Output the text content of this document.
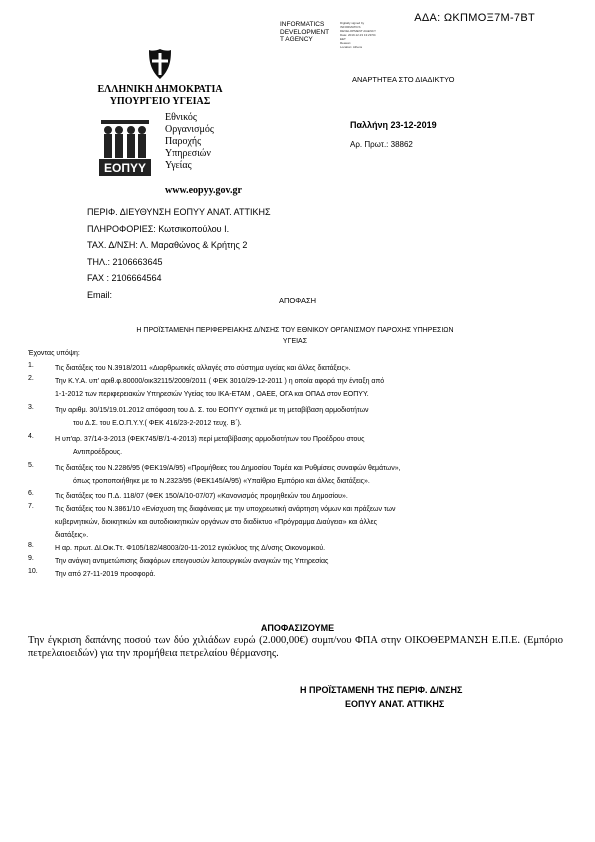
ΑΔΑ: ΩΚΠΜΟΞ7Μ-7ΒΤ
INFORMATICS
DEVELOPMENT
T AGENCY
Digitally signed by
INFORMATICS
DEVELOPMENT AGENCY
Date: 2019.12.23 13:29:54
EET
Reason:
Location: Athens
ΕΛΛΗΝΙΚΗ ΔΗΜΟΚΡΑΤΙΑ
ΥΠΟΥΡΓΕΙΟ ΥΓΕΙΑΣ
ΕΟΠΥΥ
Εθνικός
Οργανισμός
Παροχής
Υπηρεσιών
Υγείας
www.eopyy.gov.gr
ΑΝΑΡΤΗΤΕΑ ΣΤΟ ΔΙΑΔΙΚΤΥΟ
Παλλήνη 23-12-2019
Αρ. Πρωτ.: 38862
ΠΕΡΙΦ. ΔΙΕΥΘΥΝΣΗ ΕΟΠΥΥ ΑΝΑΤ. ΑΤΤΙΚΗΣ
ΠΛΗΡΟΦΟΡΙΕΣ: Κωτσικοπούλου Ι.
ΤΑΧ. Δ/ΝΣΗ: Λ. Μαραθώνος & Κρήτης 2
ΤΗΛ.: 2106663645
FAX : 2106664564
Email:
ΑΠΟΦΑΣΗ
Η ΠΡΟΪΣΤΑΜΕΝΗ ΠΕΡΙΦΕΡΕΙΑΚΗΣ Δ/ΝΣΗΣ ΤΟΥ ΕΘΝΙΚΟΥ ΟΡΓΑΝΙΣΜΟΥ ΠΑΡΟΧΗΣ ΥΠΗΡΕΣΙΩΝ
ΥΓΕΙΑΣ
Έχοντας υπόψη:
1.	Τις διατάξεις του Ν.3918/2011 «Διαρθρωτικές αλλαγές στο σύστημα υγείας και άλλες διατάξεις».
2.	Την Κ.Υ.Α. υπ' αριθ.φ.80000/οικ32115/2009/2011 ( ΦΕΚ 3010/29-12-2011 ) η οποία αφορά την ένταξη από
1-1-2012 των περιφερειακών Υπηρεσιών Υγείας του ΙΚΑ-ΕΤΑΜ , ΟΑΕΕ, ΟΓΑ και ΟΠΑΔ στον ΕΟΠΥΥ.
3.	Την αριθμ. 30/15/19.01.2012 απόφαση του Δ. Σ. του ΕΟΠΥΥ σχετικά με τη μεταβίβαση αρμοδιοτήτων
του Δ.Σ. του Ε.Ο.Π.Υ.Υ.( ΦΕΚ 416/23-2-2012 τευχ. Β΄).
4.	Η υπ'αρ. 37/14-3-2013 (ΦΕΚ745/Β'/1-4-2013) περί μεταβίβασης αρμοδιοτήτων του Προέδρου στους
Αντιπροέδρους.
5.	Τις διατάξεις του Ν.2286/95 (ΦΕΚ19/Α/95) «Προμήθειες του Δημοσίου Τομέα και Ρυθμίσεις συναφών θεμάτων»,
όπως τροποποιήθηκε με το Ν.2323/95 (ΦΕΚ145/Α/95) «Υπαίθριο Εμπόριο και άλλες διατάξεις».
6.	Τις διατάξεις του Π.Δ. 118/07 (ΦΕΚ 150/Α/10-07/07) «Κανονισμός προμηθειών του Δημοσίου».
7.	Τις διατάξεις του Ν.3861/10 «Ενίσχυση της διαφάνειας με την υποχρεωτική ανάρτηση νόμων και πράξεων των
κυβερνητικών, διοικητικών και αυτοδιοικητικών οργάνων στο διαδίκτυο «Πρόγραμμα Διαύγεια» και άλλες
διατάξεις».
8.	Η αρ. πρωτ. ΔΙ.Οικ.Ττ. Φ105/182/48003/20-11-2012 εγκύκλιος της Δ/νσης Οικονομικού.
9.	Την ανάγκη αντιμετώπισης διαφόρων επειγουσών λειτουργικών αναγκών της Υπηρεσίας
10. Την από 27-11-2019 προσφορά.
ΑΠΟΦΑΣΙΖΟΥΜΕ
Την έγκριση δαπάνης ποσού των δύο χιλιάδων ευρώ (2.000,00€) συμπ/νου ΦΠΑ στην ΟΙΚΟΘΕΡΜΑΝΣΗ Ε.Π.Ε. (Εμπόριο πετρελαιοειδών) για την προμήθεια πετρελαίου θέρμανσης.
Η ΠΡΟΪΣΤΑΜΕΝΗ ΤΗΣ ΠΕΡΙΦ. Δ/ΝΣΗΣ
ΕΟΠΥΥ ΑΝΑΤ. ΑΤΤΙΚΗΣ
